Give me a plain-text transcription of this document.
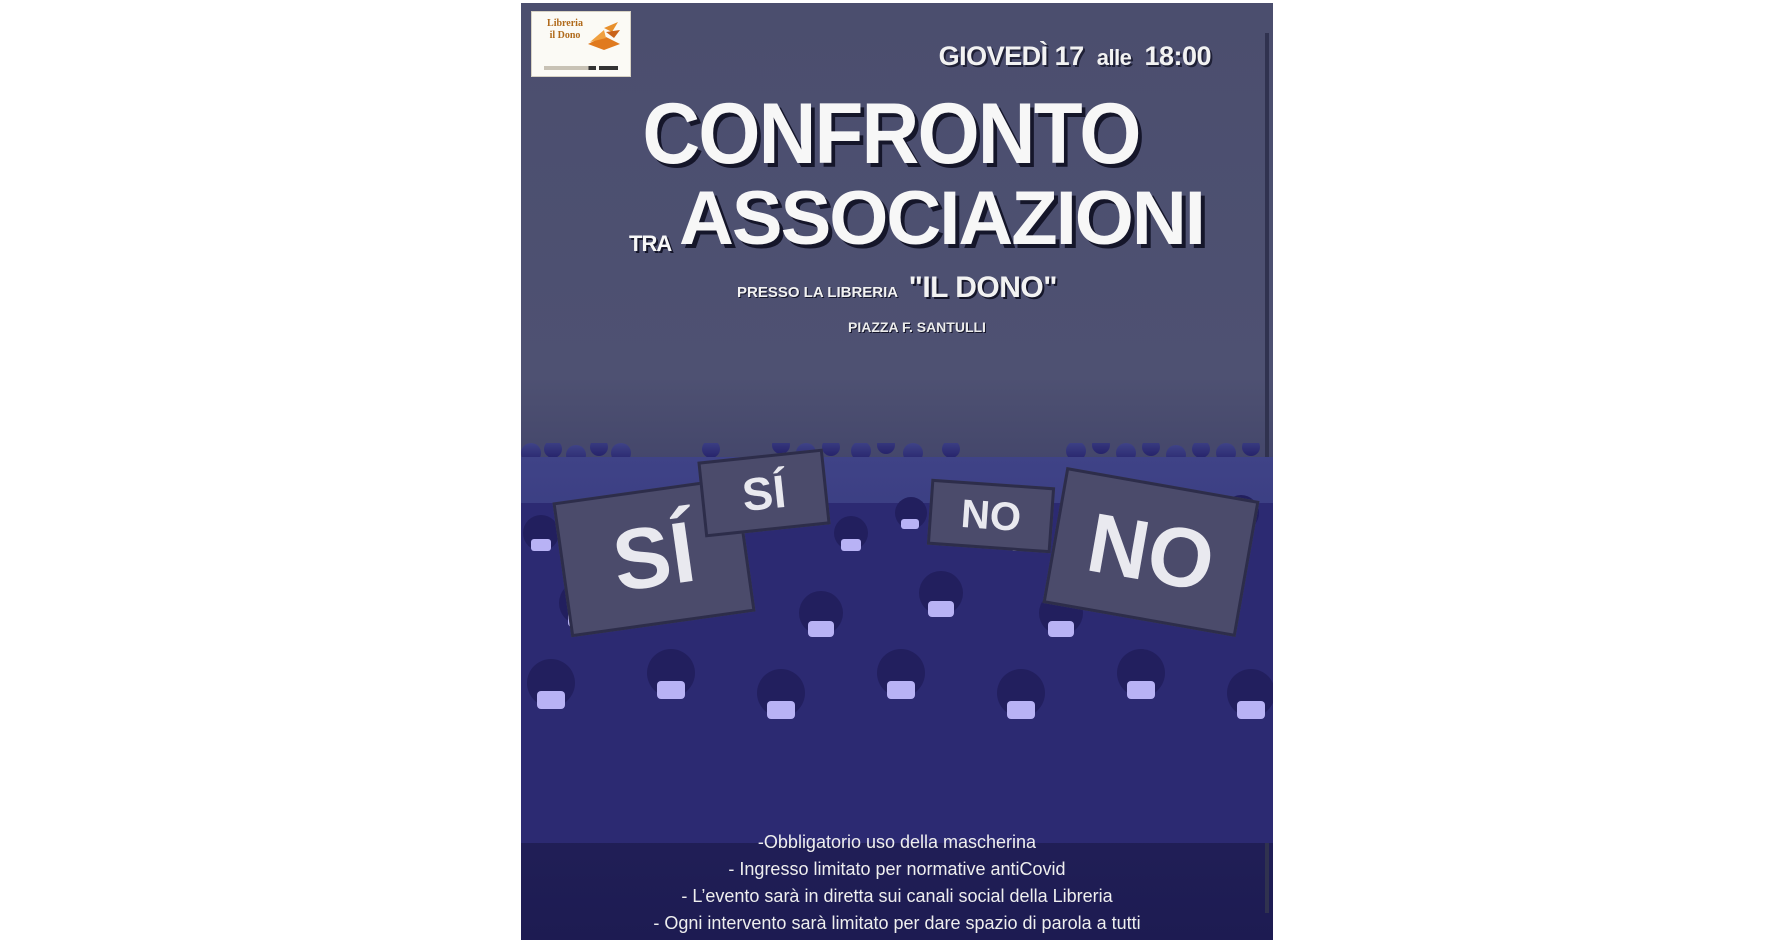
Libreria
il Dono
GIOVEDÌ 17 alle 18:00
CONFRONTO
TRA ASSOCIAZIONI
PRESSO LA LIBRERIA "IL DONO"
PIAZZA F. SANTULLI
SÍ
SÍ	NO NO
-Obbligatorio uso della mascherina
- Ingresso limitato per normative antiCovid
- L’evento sarà in diretta sui canali social della Libreria
- Ogni intervento sarà limitato per dare spazio di parola a tutti
